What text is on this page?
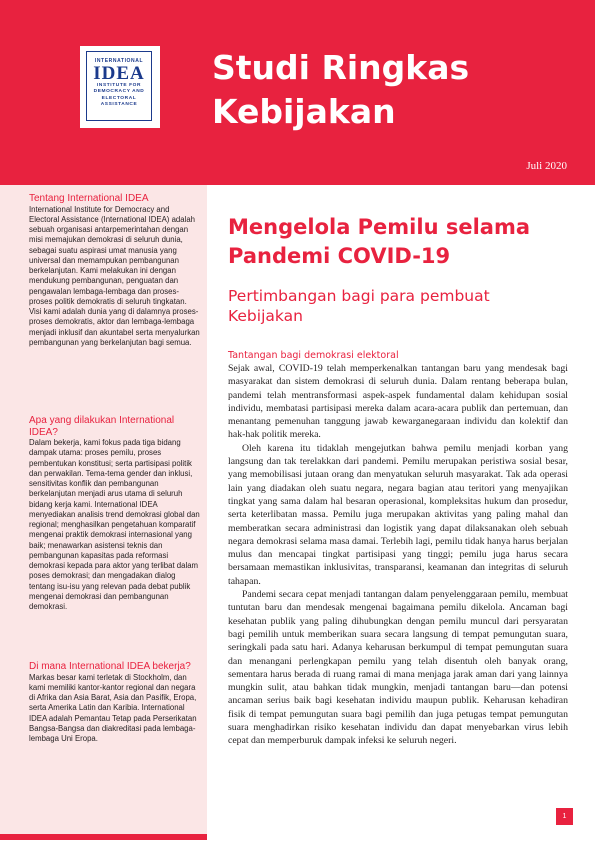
INTERNATIONAL
IDEA
INSTITUTE FOR
DEMOCRACY AND
ELECTORAL
ASSISTANCE
Studi Ringkas
Kebijakan
Juli 2020
Tentang International IDEA

International Institute for Democracy and Electoral Assistance (International IDEA) adalah sebuah organisasi antarpemerintahan dengan misi memajukan demokrasi di seluruh dunia, sebagai suatu aspirasi umat manusia yang universal dan memampukan pembangunan berkelanjutan. Kami melakukan ini dengan mendukung pembangunan, penguatan dan pengawalan lembaga-lembaga dan proses-proses politik demokratis di seluruh tingkatan. Visi kami adalah dunia yang di dalamnya proses-proses demokratis, aktor dan lembaga-lembaga menjadi inklusif dan akuntabel serta menyalurkan pembangunan yang berkelanjutan bagi semua.

Apa yang dilakukan International IDEA?

Dalam bekerja, kami fokus pada tiga bidang dampak utama: proses pemilu, proses pembentukan konstitusi; serta partisipasi politik dan perwakilan. Tema-tema gender dan inklusi, sensitivitas konflik dan pembangunan berkelanjutan menjadi arus utama di seluruh bidang kerja kami. International IDEA menyediakan analisis trend demokrasi global dan regional; menghasilkan pengetahuan komparatif mengenai praktik demokrasi internasional yang baik; menawarkan asistensi teknis dan pembangunan kapasitas pada reformasi demokrasi kepada para aktor yang terlibat dalam poses demokrasi; dan mengadakan dialog tentang isu-isu yang relevan pada debat publik mengenai demokrasi dan pembangunan demokrasi.

Di mana International IDEA bekerja?

Markas besar kami terletak di Stockholm, dan kami memiliki kantor-kantor regional dan negara di Afrika dan Asia Barat, Asia dan Pasifik, Eropa, serta Amerika Latin dan Karibia. International IDEA adalah Pemantau Tetap pada Perserikatan Bangsa-Bangsa dan diakreditasi pada lembaga-lembaga Uni Eropa.

Mengelola Pemilu selama
Pandemi COVID-19
Pertimbangan bagi para pembuat
Kebijakan
Tantangan bagi demokrasi elektoral

Sejak awal, COVID-19 telah memperkenalkan tantangan baru yang mendesak bagi masyarakat dan sistem demokrasi di seluruh dunia. Dalam rentang beberapa bulan, pandemi telah mentransformasi aspek-aspek fundamental dalam kehidupan sosial individu, membatasi partisipasi mereka dalam acara-acara publik dan pertemuan, dan menantang pemenuhan tanggung jawab kewarganegaraan individu dan kolektif dan hak-hak politik mereka.

Oleh karena itu tidaklah mengejutkan bahwa pemilu menjadi korban yang langsung dan tak terelakkan dari pandemi. Pemilu merupakan peristiwa sosial besar, yang memobilisasi jutaan orang dan menyatukan seluruh masyarakat. Tak ada operasi lain yang diadakan oleh suatu negara, negara bagian atau teritori yang menyajikan tingkat yang sama dalam hal besaran operasional, kompleksitas hukum dan prosedur, serta keterlibatan massa. Pemilu juga merupakan aktivitas yang paling mahal dan memberatkan secara administrasi dan logistik yang dapat dilaksanakan oleh sebuah negara demokrasi selama masa damai. Terlebih lagi, pemilu tidak hanya harus berjalan mulus dan mencapai tingkat partisipasi yang tinggi; pemilu juga harus secara bersamaan memastikan inklusivitas, transparansi, keamanan dan integritas di seluruh tahapan.

Pandemi secara cepat menjadi tantangan dalam penyelenggaraan pemilu, membuat tuntutan baru dan mendesak mengenai bagaimana pemilu dikelola. Ancaman bagi kesehatan publik yang paling dihubungkan dengan pemilu muncul dari persyaratan bagi pemilih untuk memberikan suara secara langsung di tempat pemungutan suara, seringkali pada satu hari. Adanya keharusan berkumpul di tempat pemungutan suara dan menangani perlengkapan pemilu yang telah disentuh oleh banyak orang, sementara harus berada di ruang ramai di mana menjaga jarak aman dari yang lainnya mungkin sulit, atau bahkan tidak mungkin, menjadi tantangan baru—dan potensi ancaman serius baik bagi kesehatan individu maupun publik. Keharusan kehadiran fisik di tempat pemungutan suara bagi pemilih dan juga petugas tempat pemungutan suara menghadirkan risiko kesehatan individu dan dapat menyebarkan virus lebih cepat dan memperburuk dampak infeksi ke seluruh negeri.

1
